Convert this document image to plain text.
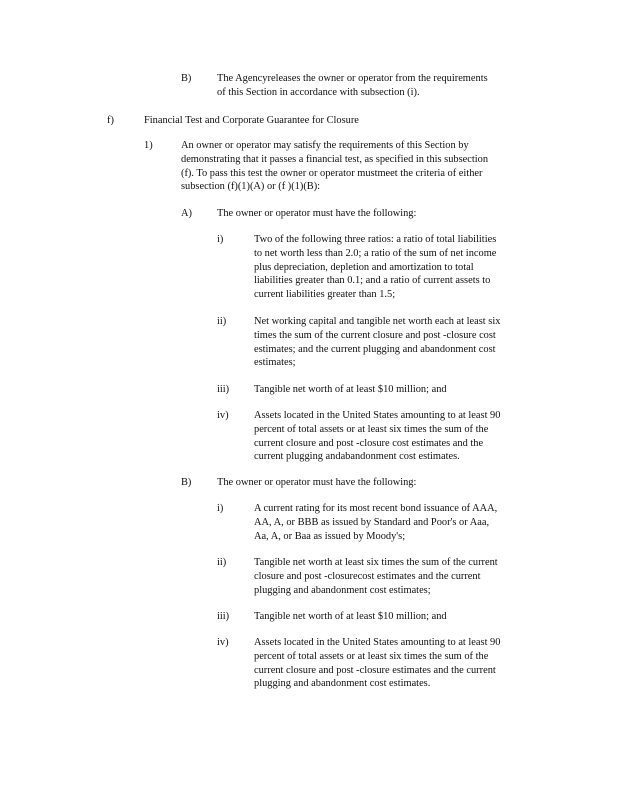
B) The Agencyreleases the owner or operator from the requirements
of this Section in accordance with subsection (i).
f)	Financial Test and Corporate Guarantee for Closure
1)	An owner or operator may satisfy the requirements of this Section by
demonstrating that it passes a financial test, as specified in this subsection
(f). To pass this test the owner or operator mustmeet the criteria of either
subsection (f)(1)(A) or (f )(1)(B):
A) The owner or operator must have the following:
i)	Two of the following three ratios: a ratio of total liabilities
to net worth less than 2.0; a ratio of the sum of net income
plus depreciation, depletion and amortization to total
liabilities greater than 0.1; and a ratio of current assets to
current liabilities greater than 1.5;
ii)	Net working capital and tangible net worth each at least six
times the sum of the current closure and post -closure cost
estimates; and the current plugging and abandonment cost
estimates;
iii) Tangible net worth of at least $10 million; and
iv) Assets located in the United States amounting to at least 90
percent of total assets or at least six times the sum of the
current closure and post -closure cost estimates and the
current plugging andabandonment cost estimates.
B) The owner or operator must have the following:
i)	A current rating for its most recent bond issuance of AAA,
AA, A, or BBB as issued by Standard and Poor's or Aaa,
Aa, A, or Baa as issued by Moody's;
ii)	Tangible net worth at least six times the sum of the current
closure and post -closurecost estimates and the current
plugging and abandonment cost estimates;
iii) Tangible net worth of at least $10 million; and
iv) Assets located in the United States amounting to at least 90
percent of total assets or at least six times the sum of the
current closure and post -closure estimates and the current
plugging and abandonment cost estimates.
